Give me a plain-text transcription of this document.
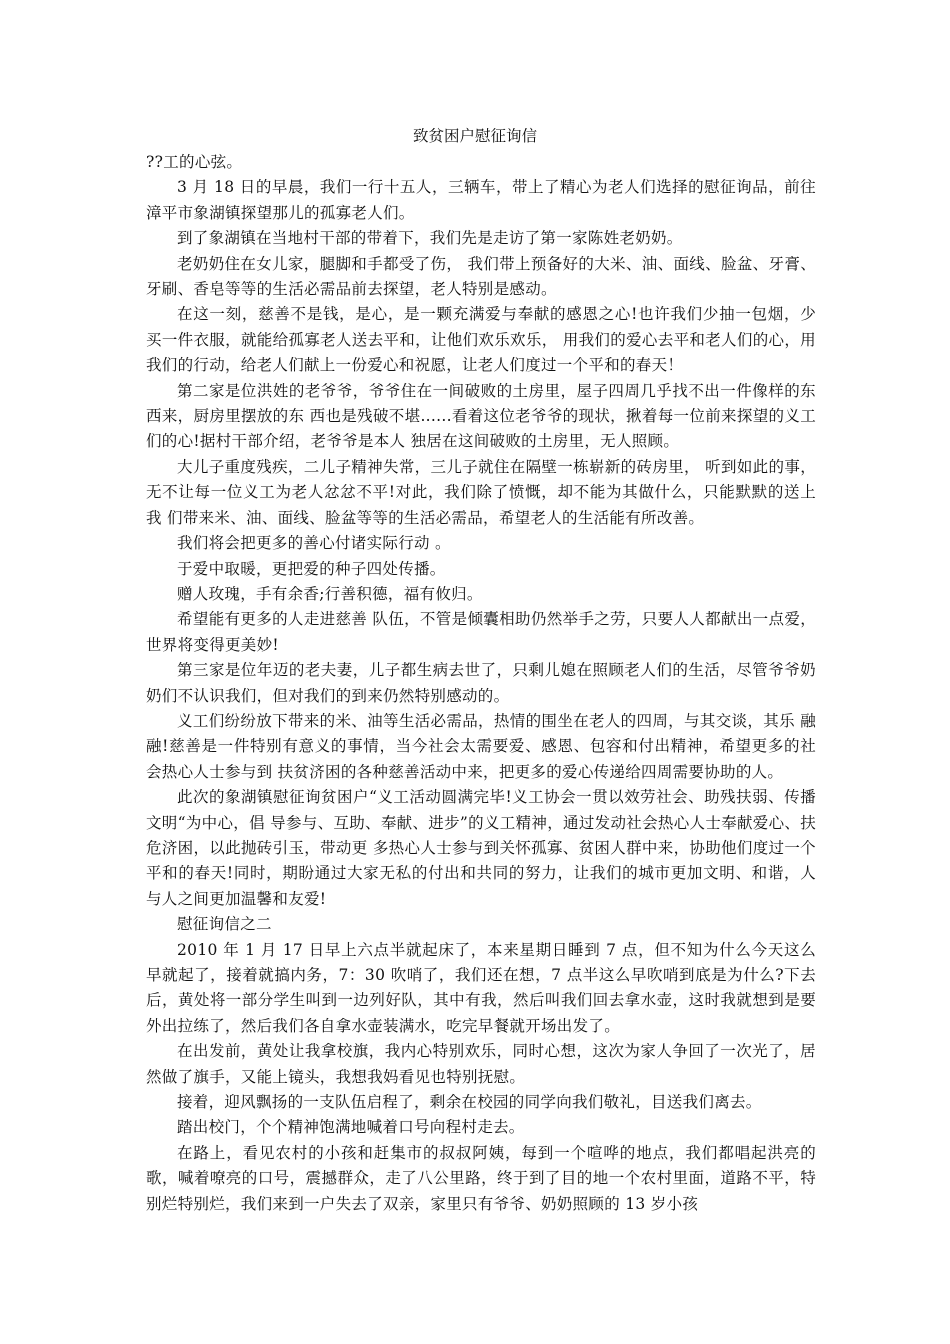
致贫困户慰征询信

??工的心弦。

3 月 18 日的早晨，我们一行十五人，三辆车，带上了精心为老人们选择的慰征询品，前往漳平市象湖镇探望那儿的孤寡老人们。

到了象湖镇在当地村干部的带着下，我们先是走访了第一家陈姓老奶奶。

老奶奶住在女儿家，腿脚和手都受了伤， 我们带上预备好的大米、油、面线、脸盆、牙膏、牙刷、香皂等等的生活必需品前去探望，老人特别是感动。

在这一刻，慈善不是钱，是心，是一颗充满爱与奉献的感恩之心!也许我们少抽一包烟，少 买一件衣服，就能给孤寡老人送去平和，让他们欢乐欢乐， 用我们的爱心去平和老人们的心，用我们的行动，给老人们献上一份爱心和祝愿，让老人们度过一个平和的春天！

第二家是位洪姓的老爷爷，爷爷住在一间破败的土房里，屋子四周几乎找不出一件像样的东西来，厨房里摆放的东 西也是残破不堪......看着这位老爷爷的现状，揪着每一位前来探望的义工们的心!据村干部介绍，老爷爷是本人 独居在这间破败的土房里，无人照顾。

大儿子重度残疾，二儿子精神失常，三儿子就住在隔壁一栋崭新的砖房里， 听到如此的事，无不让每一位义工为老人忿忿不平!对此，我们除了愤慨，却不能为其做什么，只能默默的送上我 们带来米、油、面线、脸盆等等的生活必需品，希望老人的生活能有所改善。

我们将会把更多的善心付诸实际行动 。

于爱中取暖，更把爱的种子四处传播。

赠人玫瑰，手有余香;行善积德，福有攸归。

希望能有更多的人走进慈善 队伍，不管是倾囊相助仍然举手之劳，只要人人都献出一点爱，世界将变得更美妙!

第三家是位年迈的老夫妻，儿子都生病去世了，只剩儿媳在照顾老人们的生活，尽管爷爷奶奶们不认识我们，但对我们的到来仍然特别感动的。

义工们纷纷放下带来的米、油等生活必需品，热情的围坐在老人的四周，与其交谈，其乐 融融!慈善是一件特别有意义的事情，当今社会太需要爱、感恩、包容和付出精神，希望更多的社会热心人士参与到 扶贫济困的各种慈善活动中来，把更多的爱心传递给四周需要协助的人。

此次的象湖镇慰征询贫困户“义工活动圆满完毕!义工协会一贯以效劳社会、助残扶弱、传播文明“为中心，倡 导参与、互助、奉献、进步”的义工精神，通过发动社会热心人士奉献爱心、扶危济困，以此抛砖引玉，带动更 多热心人士参与到关怀孤寡、贫困人群中来，协助他们度过一个平和的春天!同时，期盼通过大家无私的付出和共同的努力，让我们的城市更加文明、和谐，人与人之间更加温馨和友爱!

慰征询信之二

2010 年 1 月 17 日早上六点半就起床了，本来星期日睡到 7 点，但不知为什么今天这么早就起了，接着就搞内务，7：30 吹哨了，我们还在想，7 点半这么早吹哨到底是为什么?下去后，黄处将一部分学生叫到一边列好队，其中有我，然后叫我们回去拿水壶，这时我就想到是要外出拉练了，然后我们各自拿水壶装满水，吃完早餐就开场出发了。

在出发前，黄处让我拿校旗，我内心特别欢乐，同时心想，这次为家人争回了一次光了，居然做了旗手，又能上镜头，我想我妈看见也特别抚慰。

接着，迎风飘扬的一支队伍启程了，剩余在校园的同学向我们敬礼，目送我们离去。

踏出校门，个个精神饱满地喊着口号向程村走去。

在路上，看见农村的小孩和赶集市的叔叔阿姨，每到一个喧哗的地点，我们都唱起洪亮的歌，喊着嘹亮的口号，震撼群众，走了八公里路，终于到了目的地一个农村里面，道路不平，特别烂特别烂，我们来到一户失去了双亲，家里只有爷爷、奶奶照顾的 13 岁小孩
